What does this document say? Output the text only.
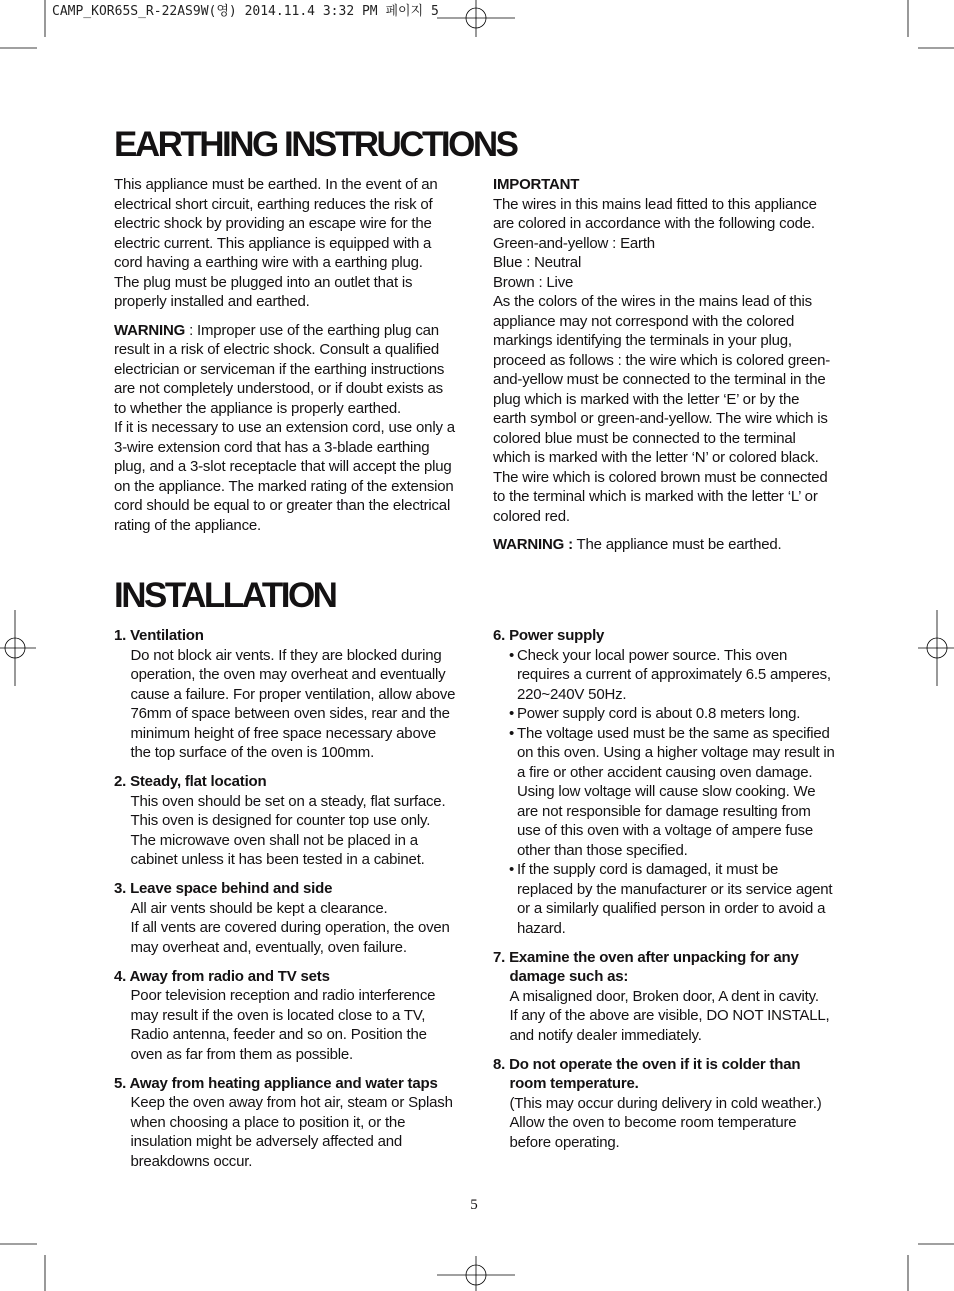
CAMP_KOR65S_R-22AS9W(영) 2014.11.4 3:32 PM 페이지 5
EARTHING INSTRUCTIONS
This appliance must be earthed. In the event of an
electrical short circuit, earthing reduces the risk of
electric shock by providing an escape wire for the
electric current. This appliance is equipped with a
cord having a earthing wire with a earthing plug.
The plug must be plugged into an outlet that is
properly installed and earthed.
WARNING : Improper use of the earthing plug can
result in a risk of electric shock. Consult a qualified
electrician or serviceman if the earthing instructions
are not completely understood, or if doubt exists as
to whether the appliance is properly earthed.
If it is necessary to use an extension cord, use only a
3-wire extension cord that has a 3-blade earthing
plug, and a 3-slot receptacle that will accept the plug
on the appliance. The marked rating of the extension
cord should be equal to or greater than the electrical
rating of the appliance.
IMPORTANT
The wires in this mains lead fitted to this appliance
are colored in accordance with the following code.
Green-and-yellow : Earth
Blue : Neutral
Brown : Live
As the colors of the wires in the mains lead of this
appliance may not correspond with the colored
markings identifying the terminals in your plug,
proceed as follows : the wire which is colored green-
and-yellow must be connected to the terminal in the
plug which is marked with the letter ‘E’ or by the
earth symbol or green-and-yellow. The wire which is
colored blue must be connected to the terminal
which is marked with the letter ‘N’ or colored black.
The wire which is colored brown must be connected
to the terminal which is marked with the letter ‘L’ or
colored red.
WARNING : The appliance must be earthed.
INSTALLATION
1. Ventilation
Do not block air vents. If they are blocked during
operation, the oven may overheat and eventually
cause a failure. For proper ventilation, allow above
76mm of space between oven sides, rear and the
minimum height of free space necessary above
the top surface of the oven is 100mm.
2. Steady, flat location
This oven should be set on a steady, flat surface.
This oven is designed for counter top use only.
The microwave oven shall not be placed in a
cabinet unless it has been tested in a cabinet.
3. Leave space behind and side
All air vents should be kept a clearance.
If all vents are covered during operation, the oven
may overheat and, eventually, oven failure.
4. Away from radio and TV sets
Poor television reception and radio interference
may result if the oven is located close to a TV,
Radio antenna, feeder and so on. Position the
oven as far from them as possible.
5. Away from heating appliance and water taps
Keep the oven away from hot air, steam or Splash
when choosing a place to position it, or the
insulation might be adversely affected and
breakdowns occur.
6. Power supply
• Check your local power source. This oven
requires a current of approximately 6.5 amperes,
220~240V 50Hz.
• Power supply cord is about 0.8 meters long.
• The voltage used must be the same as specified
on this oven. Using a higher voltage may result in
a fire or other accident causing oven damage.
Using low voltage will cause slow cooking. We
are not responsible for damage resulting from
use of this oven with a voltage of ampere fuse
other than those specified.
• If the supply cord is damaged, it must be
replaced by the manufacturer or its service agent
or a similarly qualified person in order to avoid a
hazard.
7. Examine the oven after unpacking for any
damage such as:
A misaligned door, Broken door, A dent in cavity.
If any of the above are visible, DO NOT INSTALL,
and notify dealer immediately.
8. Do not operate the oven if it is colder than
room temperature.
(This may occur during delivery in cold weather.)
Allow the oven to become room temperature
before operating.
5
